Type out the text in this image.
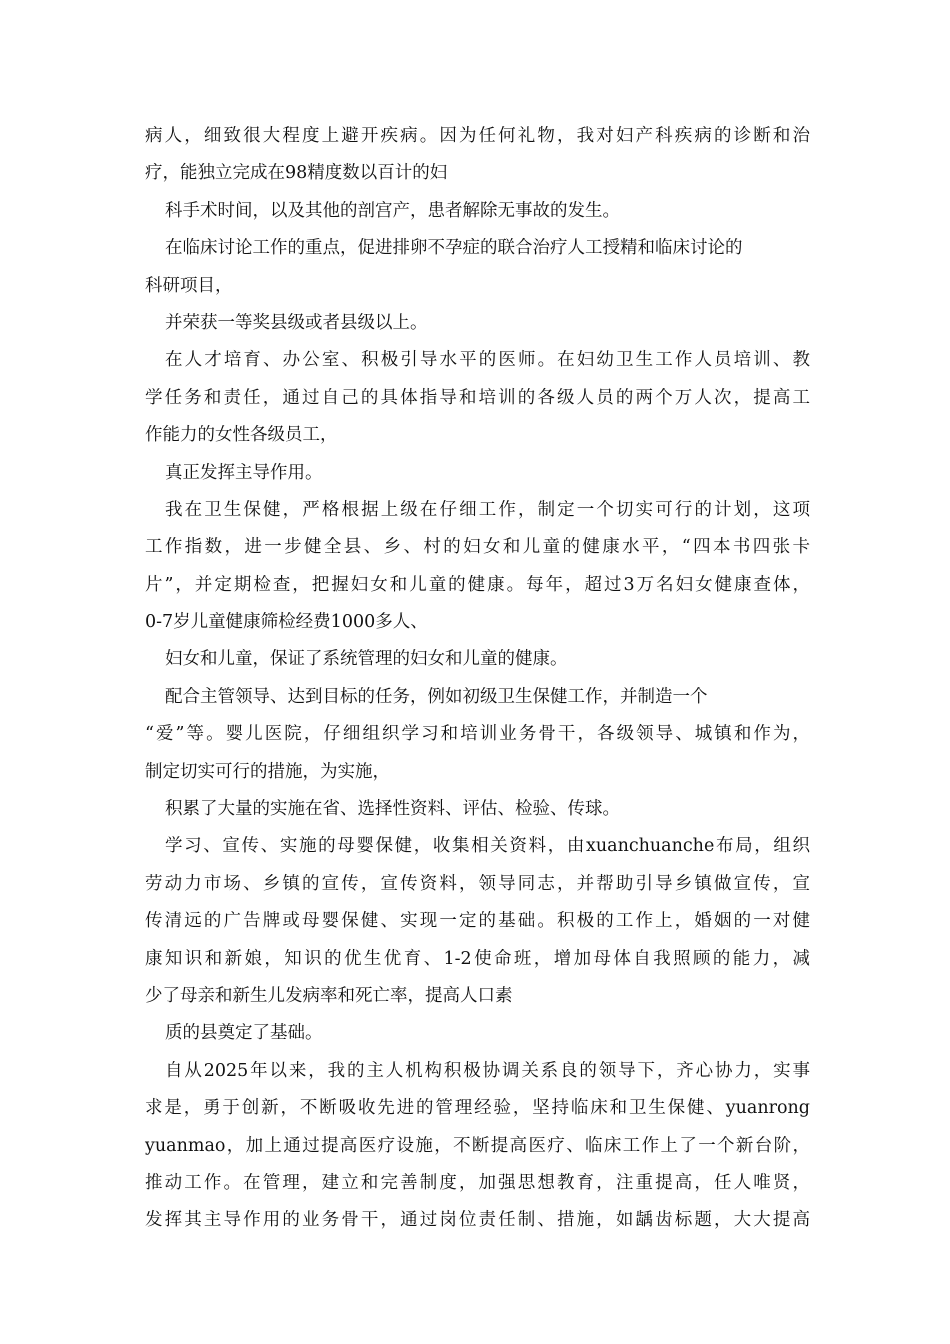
病人，细致很大程度上避开疾病。因为任何礼物，我对妇产科疾病的诊断和治
疗，能独立完成在98精度数以百计的妇
科手术时间，以及其他的剖宫产，患者解除无事故的发生。
在临床讨论工作的重点，促进排卵不孕症的联合治疗人工授精和临床讨论的
科研项目，
并荣获一等奖县级或者县级以上。
在人才培育、办公室、积极引导水平的医师。在妇幼卫生工作人员培训、教
学任务和责任，通过自己的具体指导和培训的各级人员的两个万人次，提高工
作能力的女性各级员工，
真正发挥主导作用。
我在卫生保健，严格根据上级在仔细工作，制定一个切实可行的计划，这项
工作指数，进一步健全县、乡、村的妇女和儿童的健康水平，“四本书四张卡
片”，并定期检查，把握妇女和儿童的健康。每年，超过3万名妇女健康查体，
0-7岁儿童健康筛检经费1000多人、
妇女和儿童，保证了系统管理的妇女和儿童的健康。
配合主管领导、达到目标的任务，例如初级卫生保健工作，并制造一个
“爱”等。婴儿医院，仔细组织学习和培训业务骨干，各级领导、城镇和作为，
制定切实可行的措施，为实施，
积累了大量的实施在省、选择性资料、评估、检验、传球。
学习、宣传、实施的母婴保健，收集相关资料，由xuanchuanche布局，组织
劳动力市场、乡镇的宣传，宣传资料，领导同志，并帮助引导乡镇做宣传，宣
传清远的广告牌或母婴保健、实现一定的基础。积极的工作上，婚姻的一对健
康知识和新娘，知识的优生优育、1-2使命班，增加母体自我照顾的能力，减
少了母亲和新生儿发病率和死亡率，提高人口素
质的县奠定了基础。
自从2025年以来，我的主人机构积极协调关系良的领导下，齐心协力，实事
求是，勇于创新，不断吸收先进的管理经验，坚持临床和卫生保健、yuanrong
yuanmao，加上通过提高医疗设施，不断提高医疗、临床工作上了一个新台阶，
推动工作。在管理，建立和完善制度，加强思想教育，注重提高，任人唯贤，
发挥其主导作用的业务骨干，通过岗位责任制、措施，如龋齿标题，大大提高
